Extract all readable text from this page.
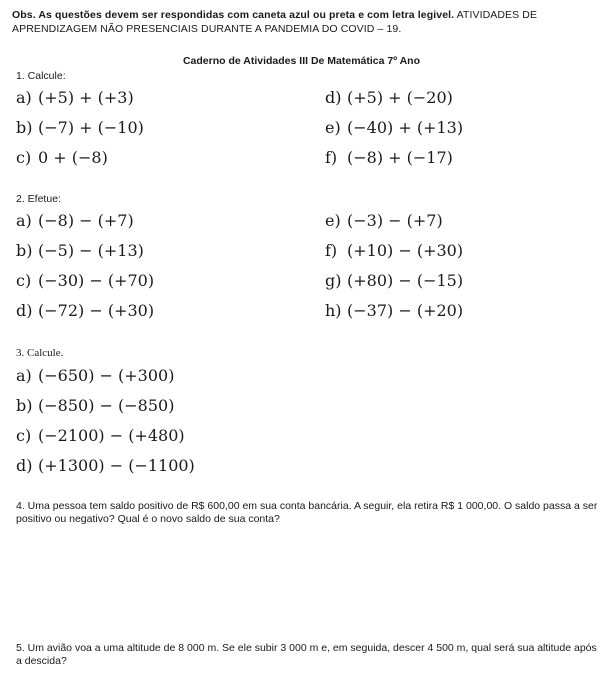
Obs. As questões devem ser respondidas com caneta azul ou preta e com letra legivel. ATIVIDADES DE APRENDIZAGEM NÃO PRESENCIAIS DURANTE A PANDEMIA DO COVID – 19.
Caderno de Atividades III De Matemática 7º Ano
1. Calcule:
a) (+5) + (+3)
b) (−7) + (−10)
c) 0 + (−8)
d) (+5) + (−20)
e) (−40) + (+13)
f) (−8) + (−17)
2. Efetue:
a) (−8) − (+7)
b) (−5) − (+13)
c) (−30) − (+70)
d) (−72) − (+30)
e) (−3) − (+7)
f) (+10) − (+30)
g) (+80) − (−15)
h) (−37) − (+20)
3. Calcule.
a) (−650) − (+300)
b) (−850) − (−850)
c) (−2100) − (+480)
d) (+1300) − (−1100)
4. Uma pessoa tem saldo positivo de R$ 600,00 em sua conta bancária. A seguir, ela retira R$ 1 000,00. O saldo passa a ser positivo ou negativo? Qual é o novo saldo de sua conta?
5. Um avião voa a uma altitude de 8 000 m. Se ele subir 3 000 m e, em seguida, descer 4 500 m, qual será sua altitude após a descida?
